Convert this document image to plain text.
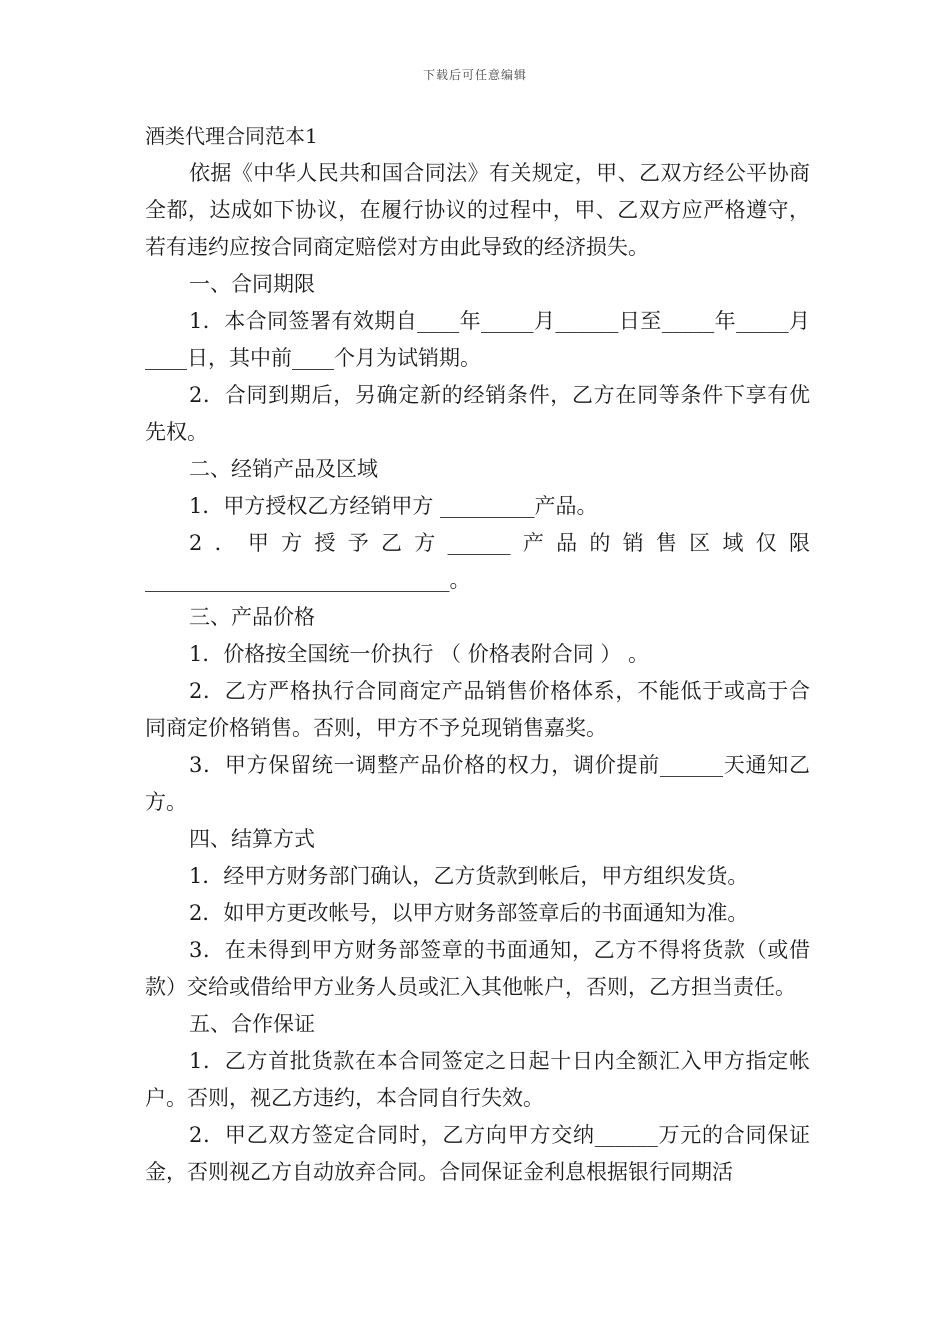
下载后可任意编辑

酒类代理合同范本1

依据《中华人民共和国合同法》有关规定，甲、乙双方经公平协商全都，达成如下协议，在履行协议的过程中，甲、乙双方应严格遵守，若有违约应按合同商定赔偿对方由此导致的经济损失。

一、合同期限

1．本合同签署有效期自____年_____月______日至_____年_____月____日，其中前____个月为试销期。

2．合同到期后，另确定新的经销条件，乙方在同等条件下享有优先权。

二、经销产品及区域

1．甲方授权乙方经销甲方 _________产品。

2．甲方授予乙方______产品的销售区域仅限_____________________________。

三、产品价格

1．价格按全国统一价执行 （ 价格表附合同 ） 。

2．乙方严格执行合同商定产品销售价格体系，不能低于或高于合同商定价格销售。否则，甲方不予兑现销售嘉奖。

3．甲方保留统一调整产品价格的权力，调价提前______天通知乙方。

四、结算方式

1．经甲方财务部门确认，乙方货款到帐后，甲方组织发货。

2．如甲方更改帐号，以甲方财务部签章后的书面通知为准。

3．在未得到甲方财务部签章的书面通知，乙方不得将货款（或借款）交给或借给甲方业务人员或汇入其他帐户，否则，乙方担当责任。

五、合作保证

1．乙方首批货款在本合同签定之日起十日内全额汇入甲方指定帐户。否则，视乙方违约，本合同自行失效。

2．甲乙双方签定合同时，乙方向甲方交纳______万元的合同保证金，否则视乙方自动放弃合同。合同保证金利息根据银行同期活
